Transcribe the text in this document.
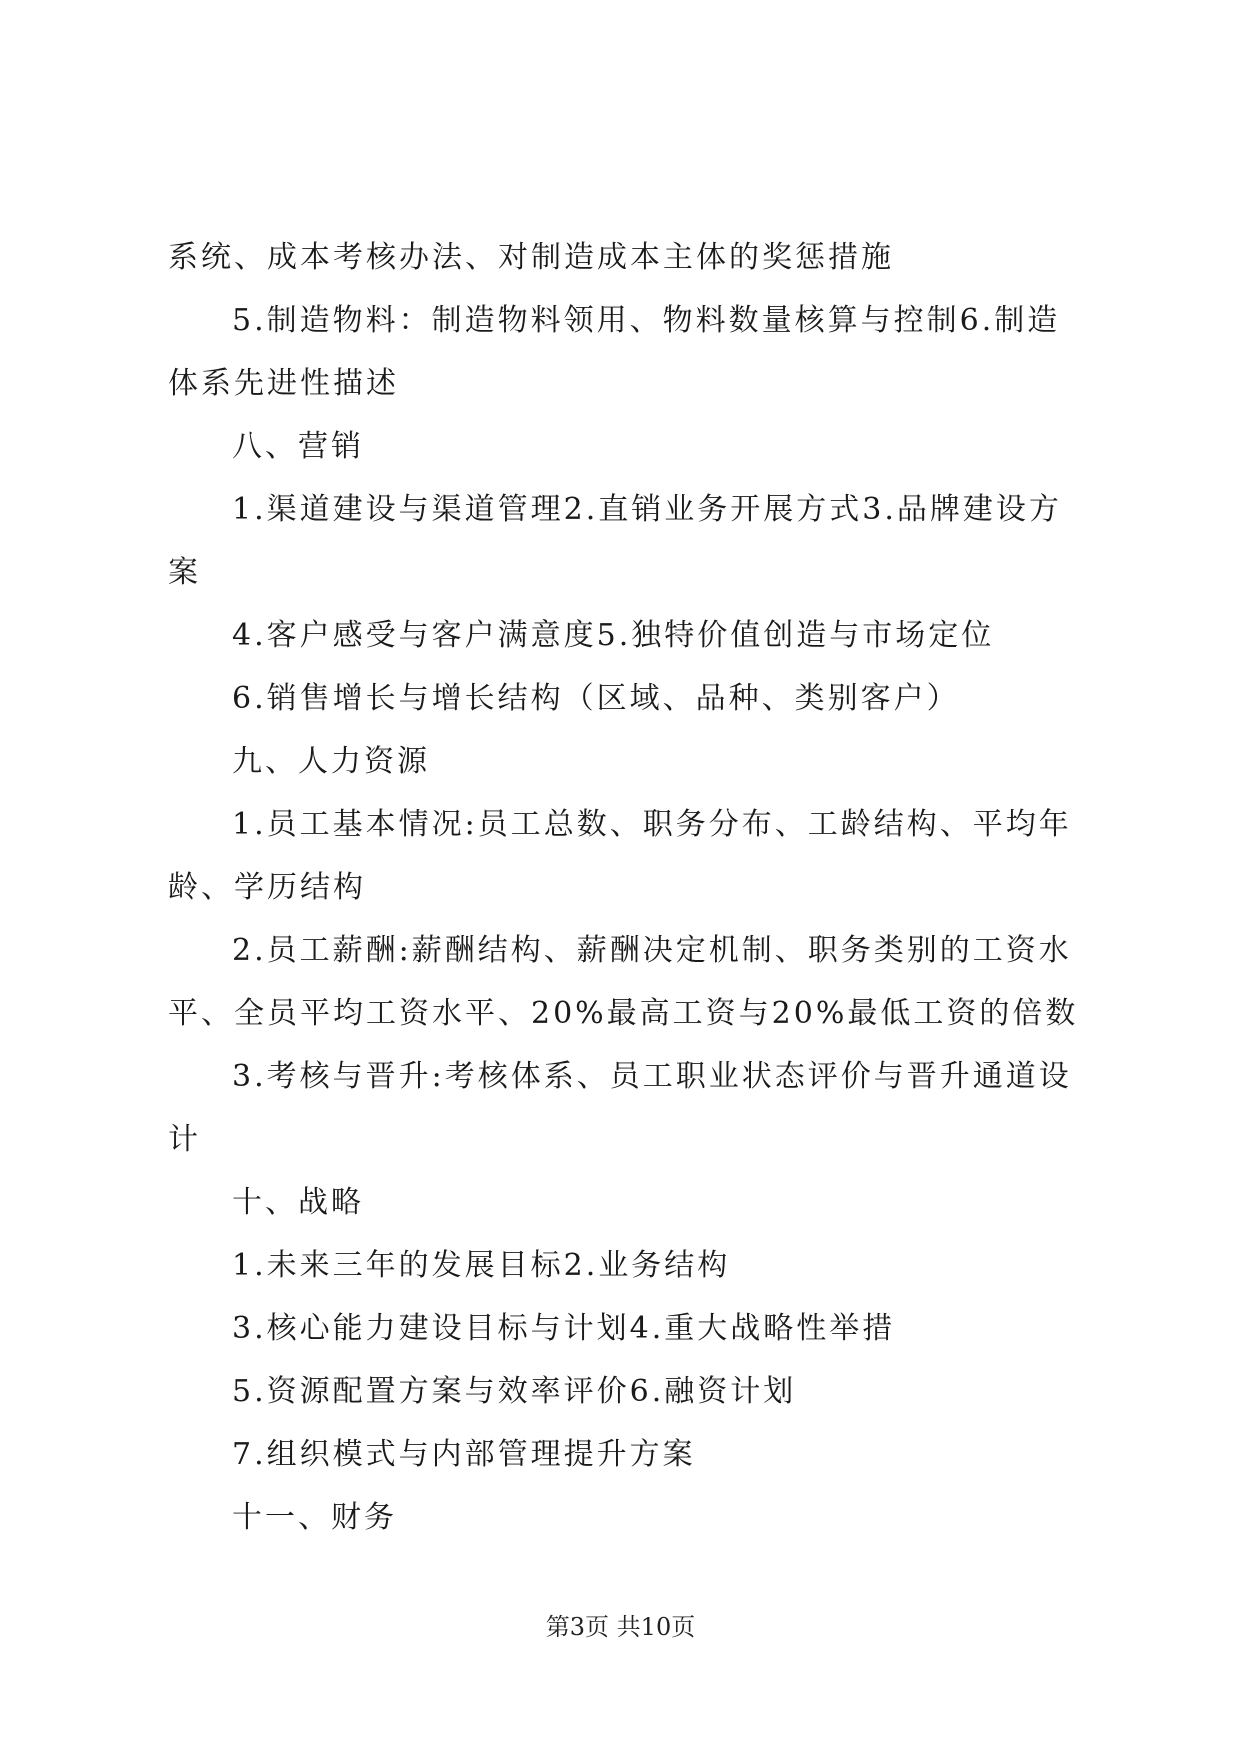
系统、成本考核办法、对制造成本主体的奖惩措施
5.制造物料：制造物料领用、物料数量核算与控制6.制造
体系先进性描述
八、营销
1.渠道建设与渠道管理2.直销业务开展方式3.品牌建设方
案
4.客户感受与客户满意度5.独特价值创造与市场定位
6.销售增长与增长结构（区域、品种、类别客户）
九、人力资源
1.员工基本情况:员工总数、职务分布、工龄结构、平均年
龄、学历结构
2.员工薪酬:薪酬结构、薪酬决定机制、职务类别的工资水
平、全员平均工资水平、20%最高工资与20%最低工资的倍数
3.考核与晋升:考核体系、员工职业状态评价与晋升通道设
计
十、战略
1.未来三年的发展目标2.业务结构
3.核心能力建设目标与计划4.重大战略性举措
5.资源配置方案与效率评价6.融资计划
7.组织模式与内部管理提升方案
十一、财务
第3页 共10页
